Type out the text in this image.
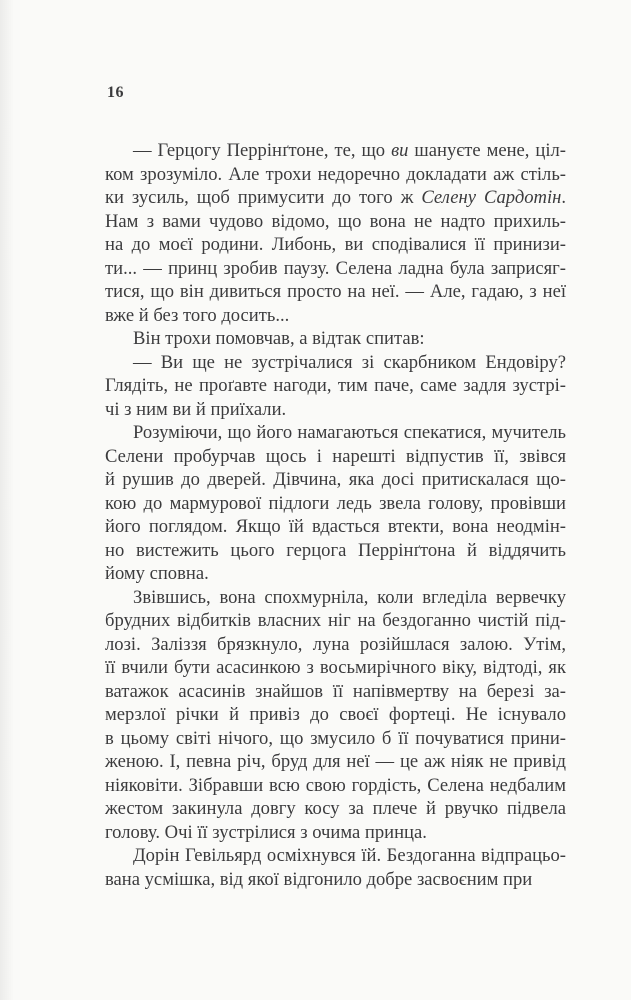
16
— Герцогу Перрінґтоне, те, що ви шануєте мене, ціл-
ком зрозуміло. Але трохи недоречно докладати аж стіль-
ки зусиль, щоб примусити до того ж Селену Сардотін.
Нам з вами чудово відомо, що вона не надто прихиль-
на до моєї родини. Либонь, ви сподівалися її принизи-
ти... — принц зробив паузу. Селена ладна була заприсяг-
тися, що він дивиться просто на неї. — Але, гадаю, з неї
вже й без того досить...
Він трохи помовчав, а відтак спитав:
— Ви ще не зустрічалися зі скарбником Ендовіру?
Глядіть, не проґавте нагоди, тим паче, саме задля зустрі-
чі з ним ви й приїхали.
Розуміючи, що його намагаються спекатися, мучитель
Селени пробурчав щось і нарешті відпустив її, звівся
й рушив до дверей. Дівчина, яка досі притискалася що-
кою до мармурової підлоги ледь звела голову, провівши
його поглядом. Якщо їй вдасться втекти, вона неодмін-
но вистежить цього герцога Перрінґтона й віддячить
йому сповна.
Звівшись, вона спохмурніла, коли вгледіла вервечку
брудних відбитків власних ніг на бездоганно чистій під-
лозі. Заліззя брязкнуло, луна розійшлася залою. Утім,
її вчили бути асасинкою з восьмирічного віку, відтоді, як
ватажок асасинів знайшов її напівмертву на березі за-
мерзлої річки й привіз до своєї фортеці. Не існувало
в цьому світі нічого, що змусило б її почуватися прини-
женою. І, певна річ, бруд для неї — це аж ніяк не привід
ніяковіти. Зібравши всю свою гордість, Селена недбалим
жестом закинула довгу косу за плече й рвучко підвела
голову. Очі її зустрілися з очима принца.
Дорін Гевільярд осміхнувся їй. Бездоганна відпрацьо-
вана усмішка, від якої відгонило добре засвоєним при
